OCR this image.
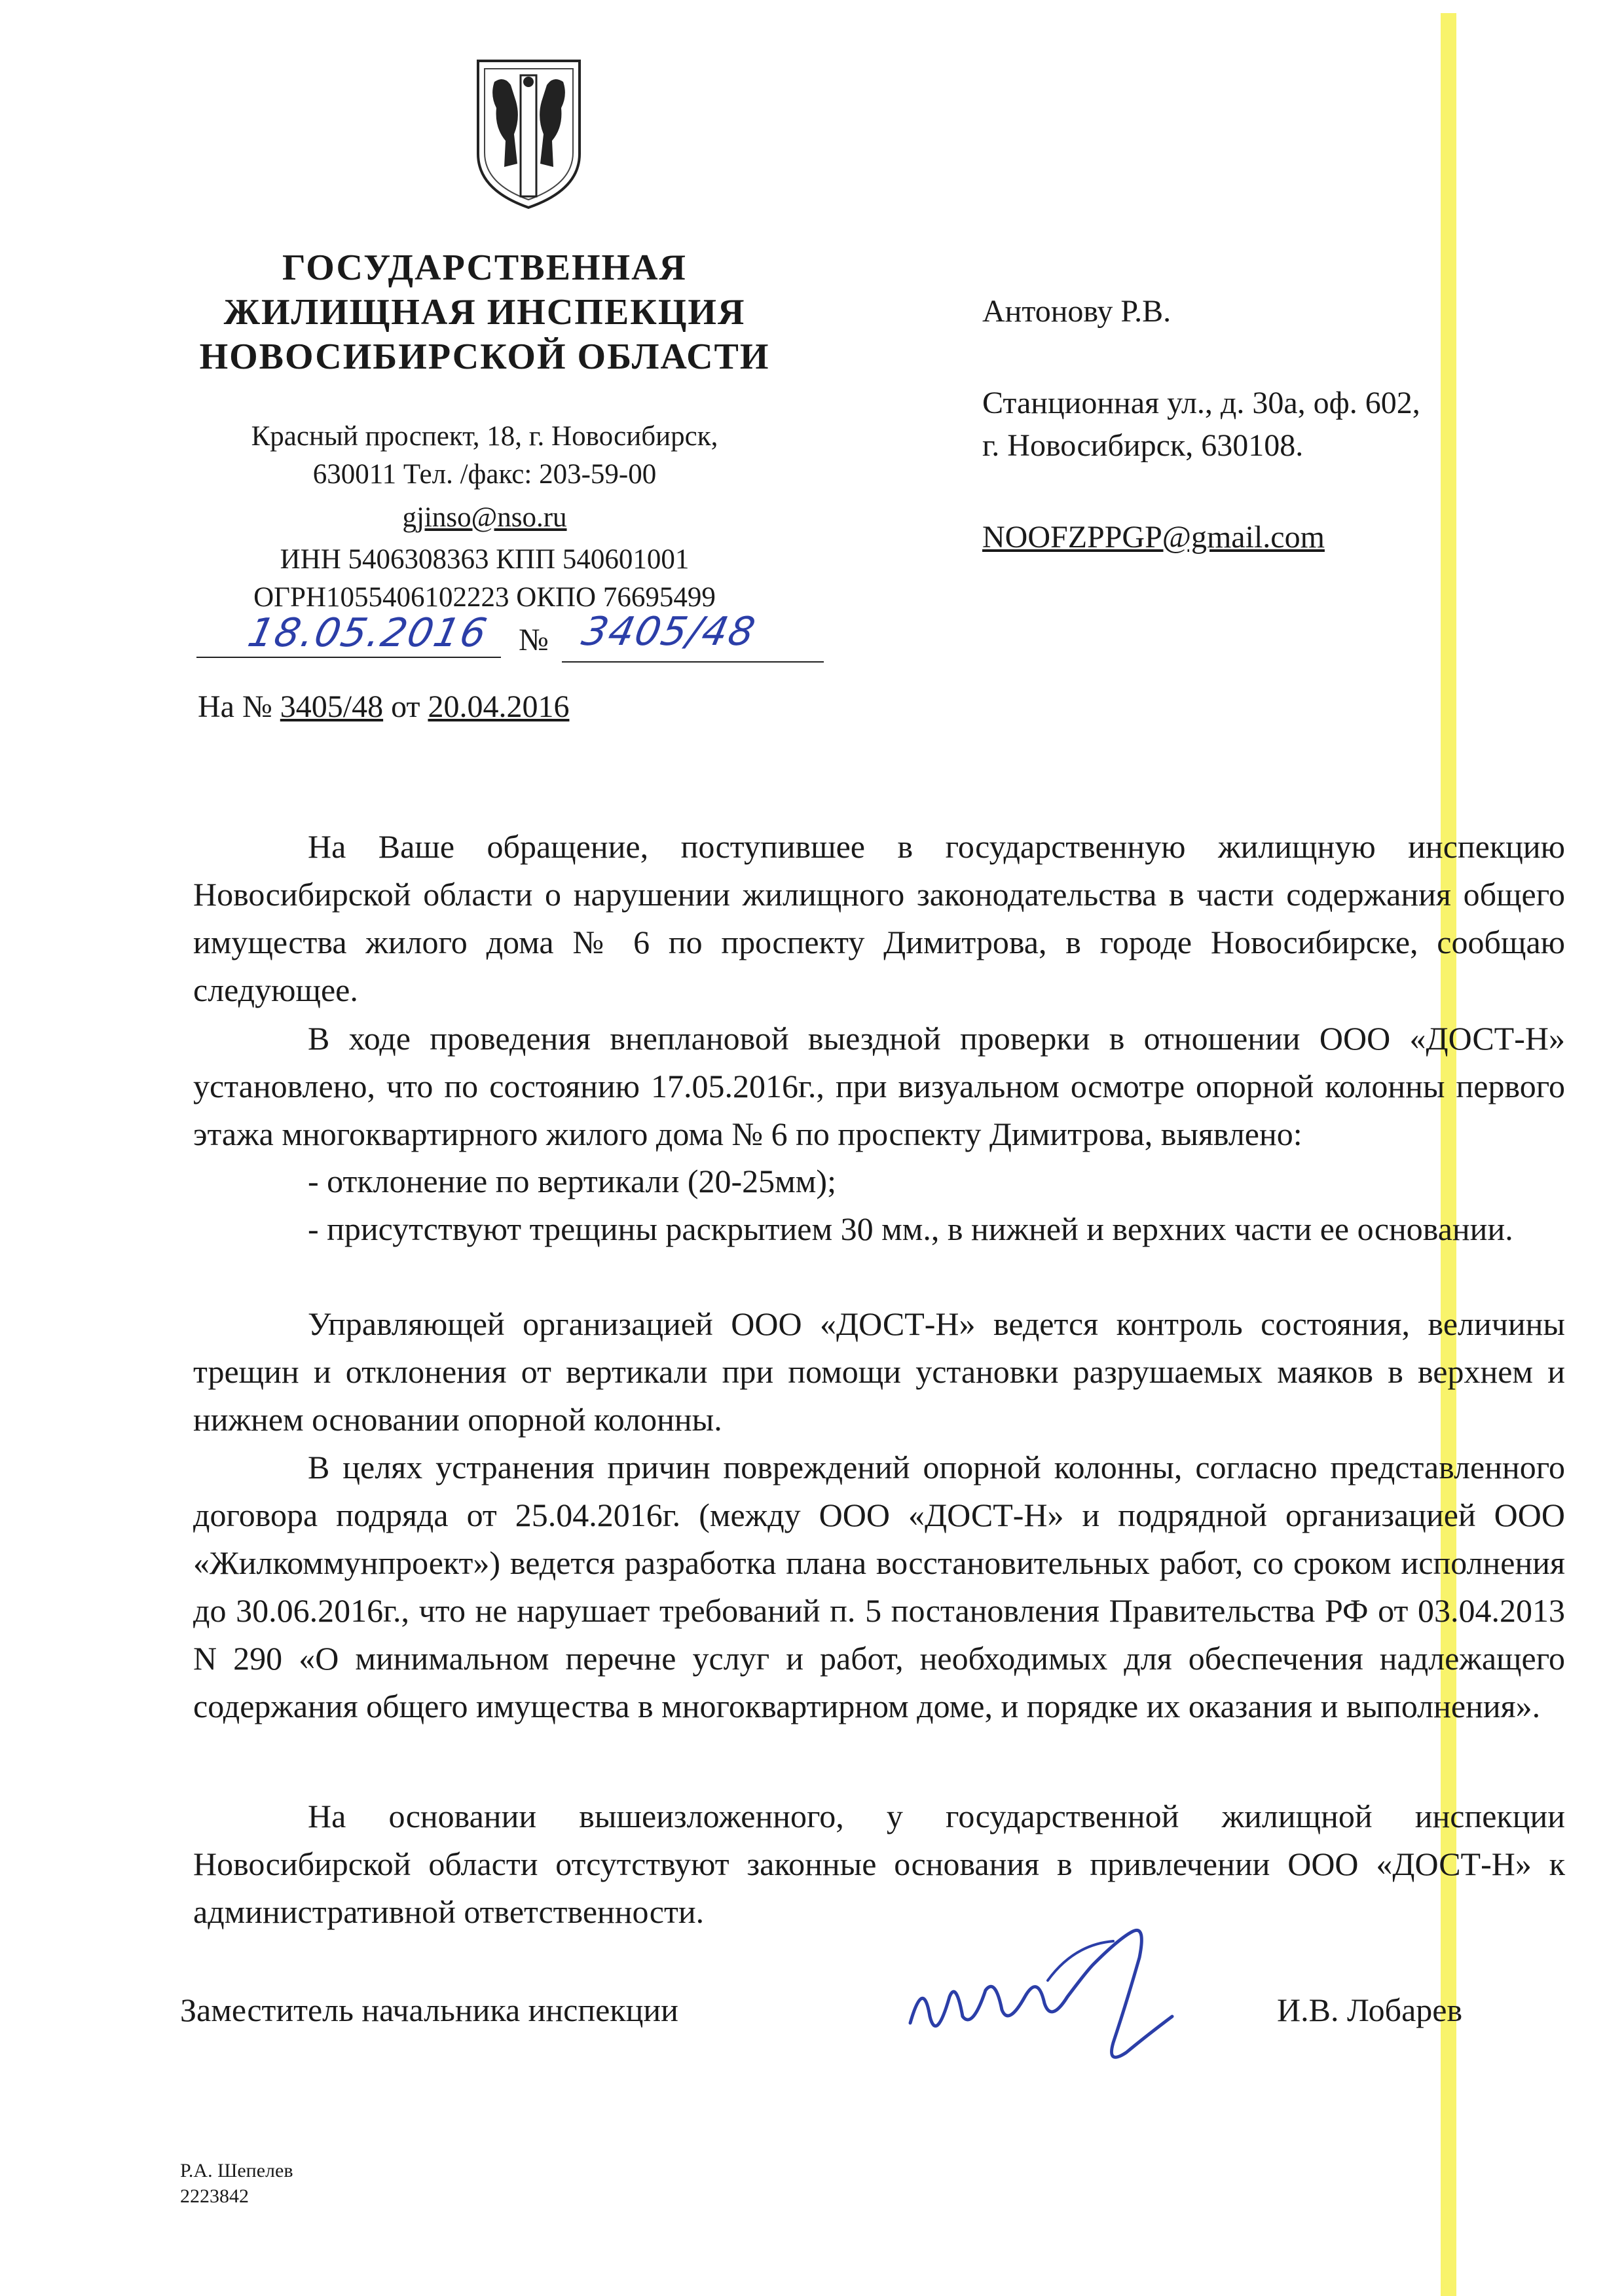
ГОСУДАРСТВЕННАЯ
ЖИЛИЩНАЯ ИНСПЕКЦИЯ
НОВОСИБИРСКОЙ ОБЛАСТИ
Красный проспект, 18, г. Новосибирск,
630011 Тел. /факс: 203-59-00
gjinso@nso.ru
ИНН 5406308363 КПП 540601001
ОГРН1055406102223 ОКПО 76695499
18.05.2016 № 3405/48
На № 3405/48 от 20.04.2016
Антонову Р.В.
Станционная ул., д. 30а, оф. 602,
г. Новосибирск, 630108.
NOOFZPPGP@gmail.com
На Ваше обращение, поступившее в государственную жилищную инспекцию Новосибирской области о нарушении жилищного законодательства в части содержания общего имущества жилого дома № 6 по проспекту Димитрова, в городе Новосибирске, сообщаю следующее.
В ходе проведения внеплановой выездной проверки в отношении ООО «ДОСТ-Н» установлено, что по состоянию 17.05.2016г., при визуальном осмотре опорной колонны первого этажа многоквартирного жилого дома № 6 по проспекту Димитрова, выявлено:
- отклонение по вертикали (20-25мм);
- присутствуют трещины раскрытием 30 мм., в нижней и верхних части ее основании.
Управляющей организацией ООО «ДОСТ-Н» ведется контроль состояния, величины трещин и отклонения от вертикали при помощи установки разрушаемых маяков в верхнем и нижнем основании опорной колонны.
В целях устранения причин повреждений опорной колонны, согласно представленного договора подряда от 25.04.2016г. (между ООО «ДОСТ-Н» и подрядной организацией ООО «Жилкоммунпроект») ведется разработка плана восстановительных работ, со сроком исполнения до 30.06.2016г., что не нарушает требований п. 5 постановления Правительства РФ от 03.04.2013 N 290 «О минимальном перечне услуг и работ, необходимых для обеспечения надлежащего содержания общего имущества в многоквартирном доме, и порядке их оказания и выполнения».
На основании вышеизложенного, у государственной жилищной инспекции Новосибирской области отсутствуют законные основания в привлечении ООО «ДОСТ-Н» к административной ответственности.
Заместитель начальника инспекции	И.В. Лобарев
Р.А. Шепелев
2223842
